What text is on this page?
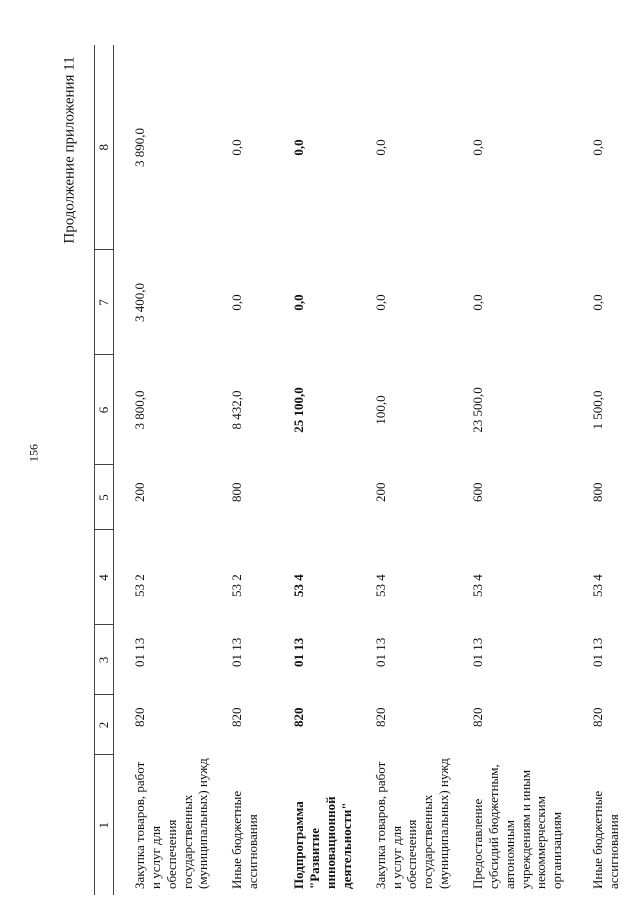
156
Продолжение приложения 11
1	2	3	4	5	6	7	8
Закупка товаров, работ и услуг для обеспечения государственных (муниципальных) нужд	820	01 13	53 2	200	3 800,0	3 400,0	3 890,0
Иные бюджетные ассигнования	820	01 13	53 2	800	8 432,0	0,0	0,0
Подпрограмма "Развитие инновационной деятельности"	820	01 13	53 4		25 100,0	0,0	0,0
Закупка товаров, работ и услуг для обеспечения государственных (муниципальных) нужд	820	01 13	53 4	200	100,0	0,0	0,0
Предоставление субсидий бюджетным, автономным учреждениям и иным некоммерческим организациям	820	01 13	53 4	600	23 500,0	0,0	0,0
Иные бюджетные ассигнования	820	01 13	53 4	800	1 500,0	0,0	0,0
